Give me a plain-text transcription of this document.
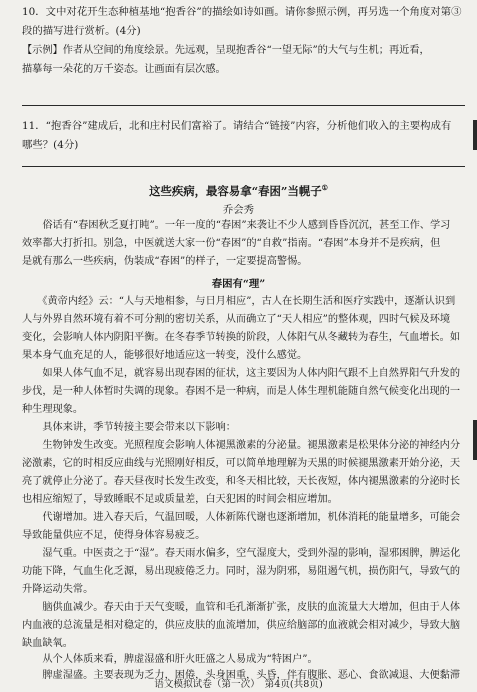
10．文中对花开生态种植基地“抱香谷”的描绘如诗如画。请你参照示例，再另选一个角度对第③
段的描写进行赏析。(4分)
【示例】作者从空间的角度绘景。先远观，呈现抱香谷“一望无际”的大气与生机；再近看，
描摹每一朵花的万千姿态。让画面有层次感。
11．“抱香谷”建成后，北和庄村民们富裕了。请结合“链接”内容，分析他们收入的主要构成有
哪些？(4分)
这些疾病，最容易拿“春困”当幌子①
乔会秀
　　俗话有“春困秋乏夏打盹”。一年一度的“春困”来袭让不少人感到昏昏沉沉，甚至工作、学习
效率都大打折扣。别急，中医就送大家一份“春困”的“自救”指南。“春困”本身并不是疾病，但
是就有那么一些疾病，伪装成“春困”的样子，一定要提高警惕。
春困有“理”
　　《黄帝内经》云：“人与天地相参，与日月相应”，古人在长期生活和医疗实践中，逐渐认识到
人与外界自然环境有着不可分割的密切关系，从而确立了“天人相应”的整体观，四时气候及环境
变化，会影响人体内阴阳平衡。在冬春季节转换的阶段，人体阳气从冬藏转为春生，气血增长。如
果本身气血充足的人，能够很好地适应这一转变，没什么感觉。
　　如果人体气血不足，就容易出现春困的征状，这主要因为人体内阳气跟不上自然界阳气升发的
步伐，是一种人体暂时失调的现象。春困不是一种病，而是人体生理机能随自然气候变化出现的一
种生理现象。
　　具体来讲，季节转接主要会带来以下影响：
　　生物钟发生改变。光照程度会影响人体褪黑激素的分泌量。褪黑激素是松果体分泌的神经内分
泌激素，它的时相反应曲线与光照刚好相反，可以简单地理解为天黑的时候褪黑激素开始分泌，天
亮了就停止分泌了。春天昼夜时长发生改变，和冬天相比较，天长夜短，体内褪黑激素的分泌时长
也相应缩短了，导致睡眠不足或质量差，白天犯困的时间会相应增加。
　　代谢增加。进入春天后，气温回暖，人体新陈代谢也逐渐增加，机体消耗的能量增多，可能会
导致能量供应不足，使得身体容易疲乏。
　　湿气重。中医责之于“湿”。春天雨水偏多，空气湿度大，受到外湿的影响，湿邪困脾，脾运化
功能下降，气血生化乏源，易出现疲倦乏力。同时，湿为阴邪，易阻遏气机，损伤阳气，导致气的
升降运动失常。
　　脑供血减少。春天由于天气变暖，血管和毛孔渐渐扩张，皮肤的血流量大大增加，但由于人体
内血液的总流量是相对稳定的，供应皮肤的血流增加，供应给脑部的血液就会相对减少，导致大脑
缺血缺氧。
　　从个人体质来看，脾虚湿盛和肝火旺盛之人易成为“特困户”。
　　脾虚湿盛。主要表现为乏力，困倦，头身困重，头昏，伴有腹胀、恶心、食欲减退、大便黏滞
语文模拟试卷（第一次）　第4页(共8页)
